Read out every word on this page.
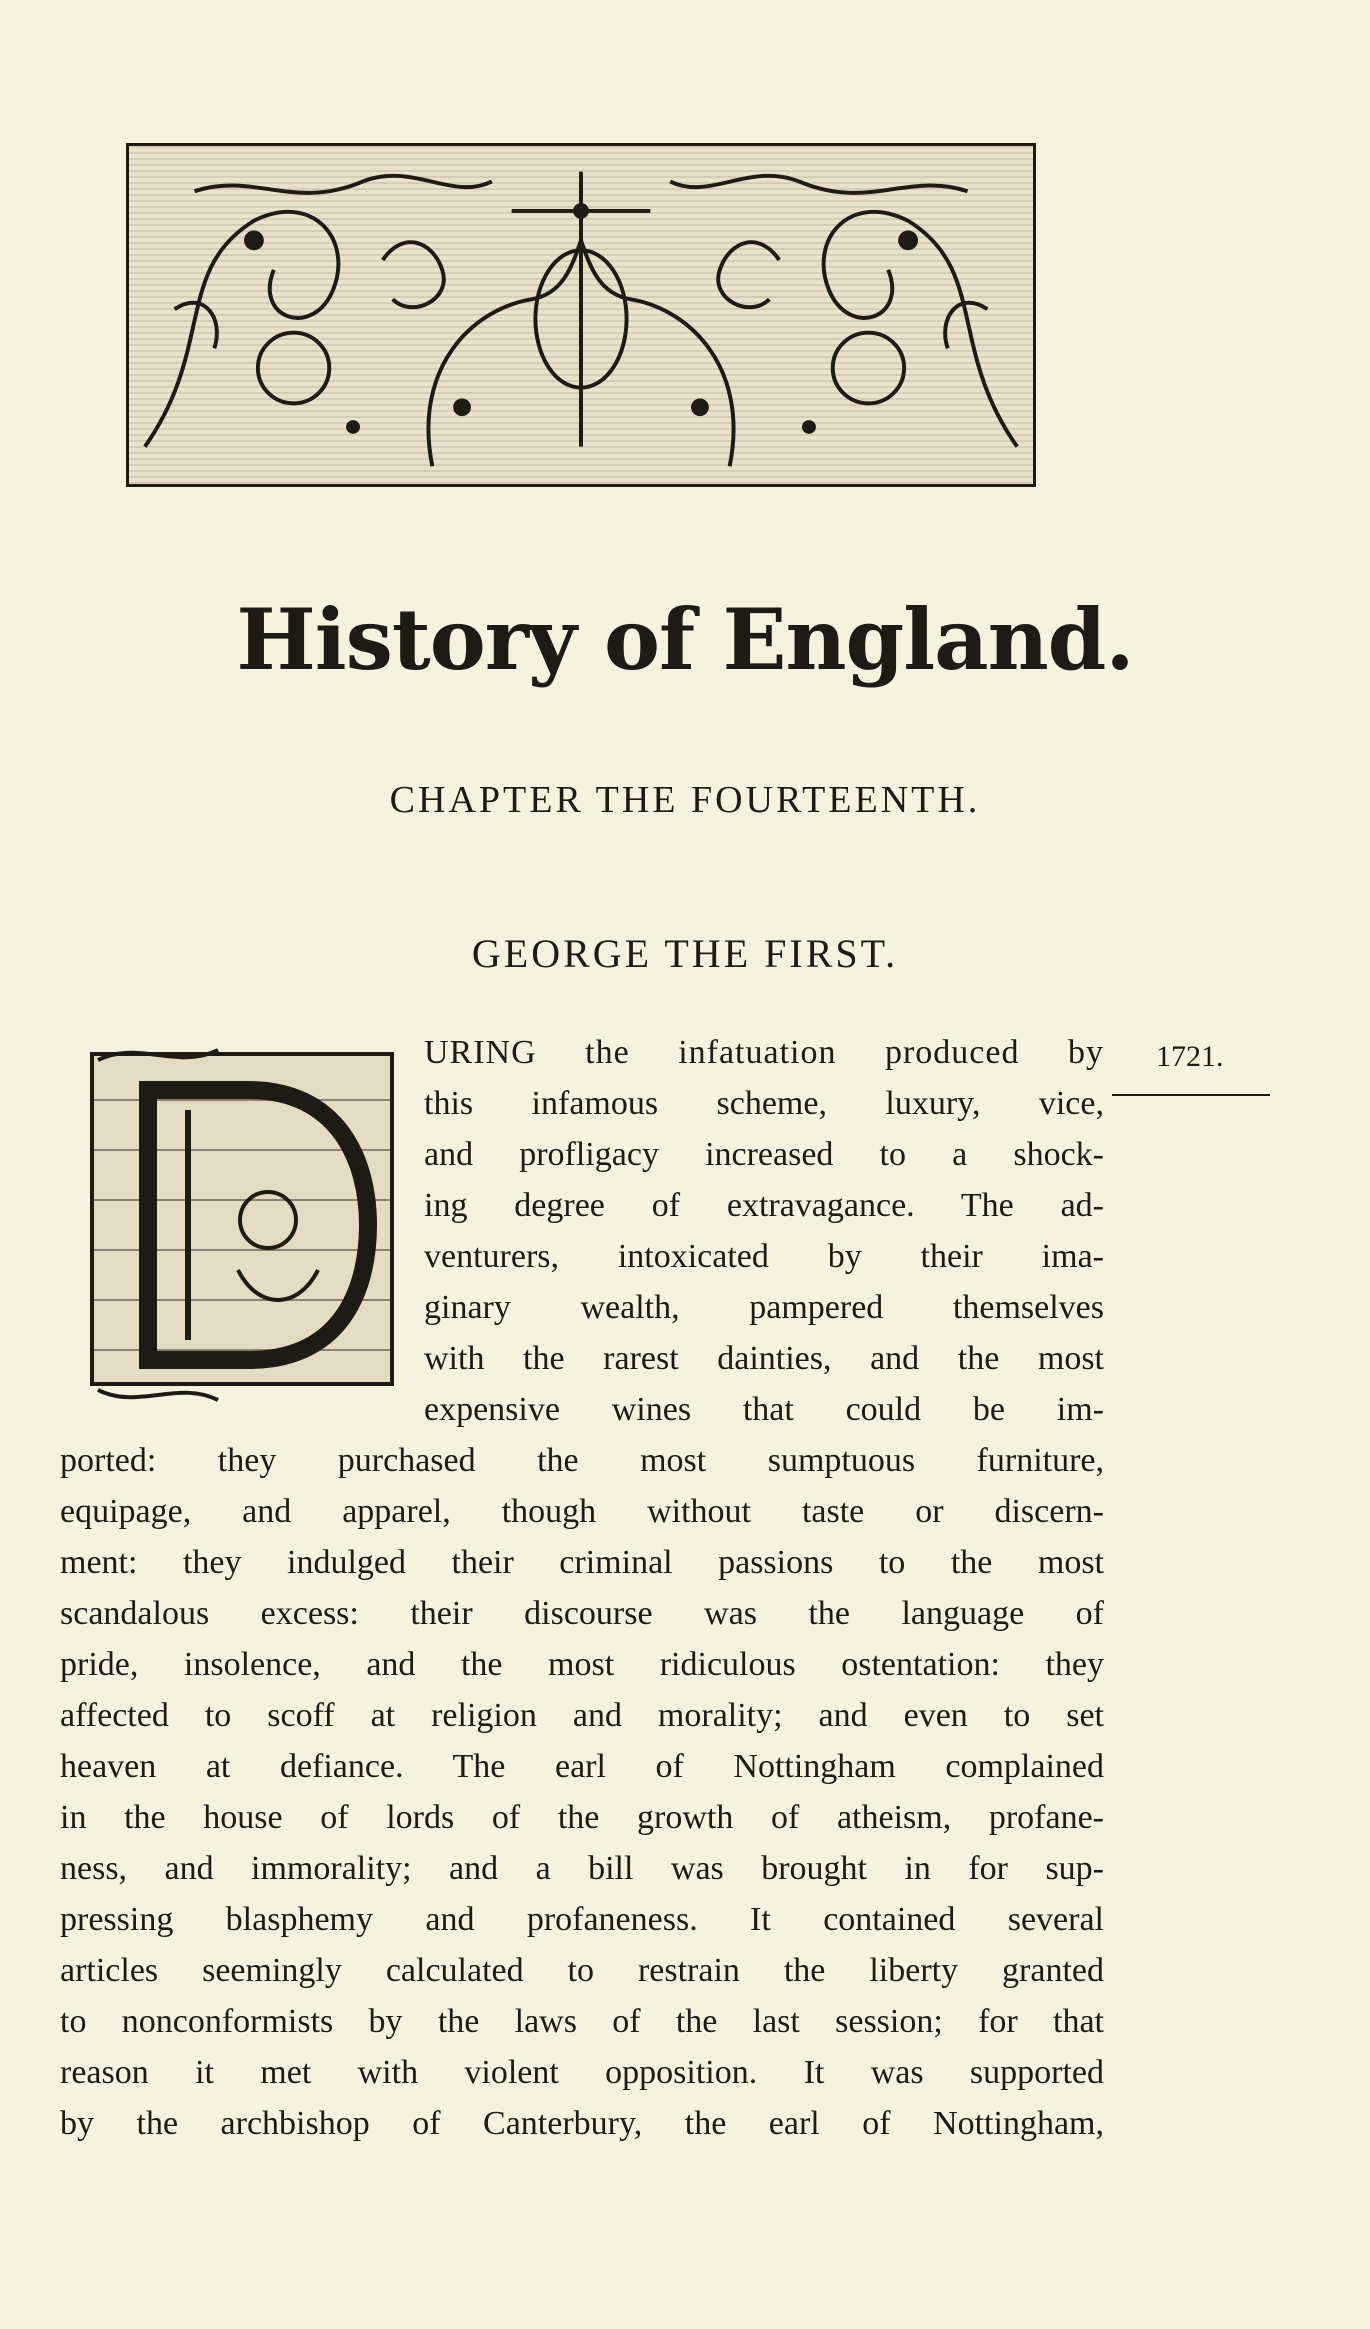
History of England.
CHAPTER THE FOURTEENTH.
GEORGE THE FIRST.
1721.
URING the infatuation produced by
this infamous scheme, luxury, vice,
and profligacy increased to a shock-
ing degree of extravagance. The ad-
venturers, intoxicated by their ima-
ginary wealth, pampered themselves
with the rarest dainties, and the most
expensive wines that could be im-
ported: they purchased the most sumptuous furniture,
equipage, and apparel, though without taste or discern-
ment: they indulged their criminal passions to the most
scandalous excess: their discourse was the language of
pride, insolence, and the most ridiculous ostentation: they
affected to scoff at religion and morality; and even to set
heaven at defiance. The earl of Nottingham complained
in the house of lords of the growth of atheism, profane-
ness, and immorality; and a bill was brought in for sup-
pressing blasphemy and profaneness. It contained several
articles seemingly calculated to restrain the liberty granted
to nonconformists by the laws of the last session; for that
reason it met with violent opposition. It was supported
by the archbishop of Canterbury, the earl of Nottingham,
